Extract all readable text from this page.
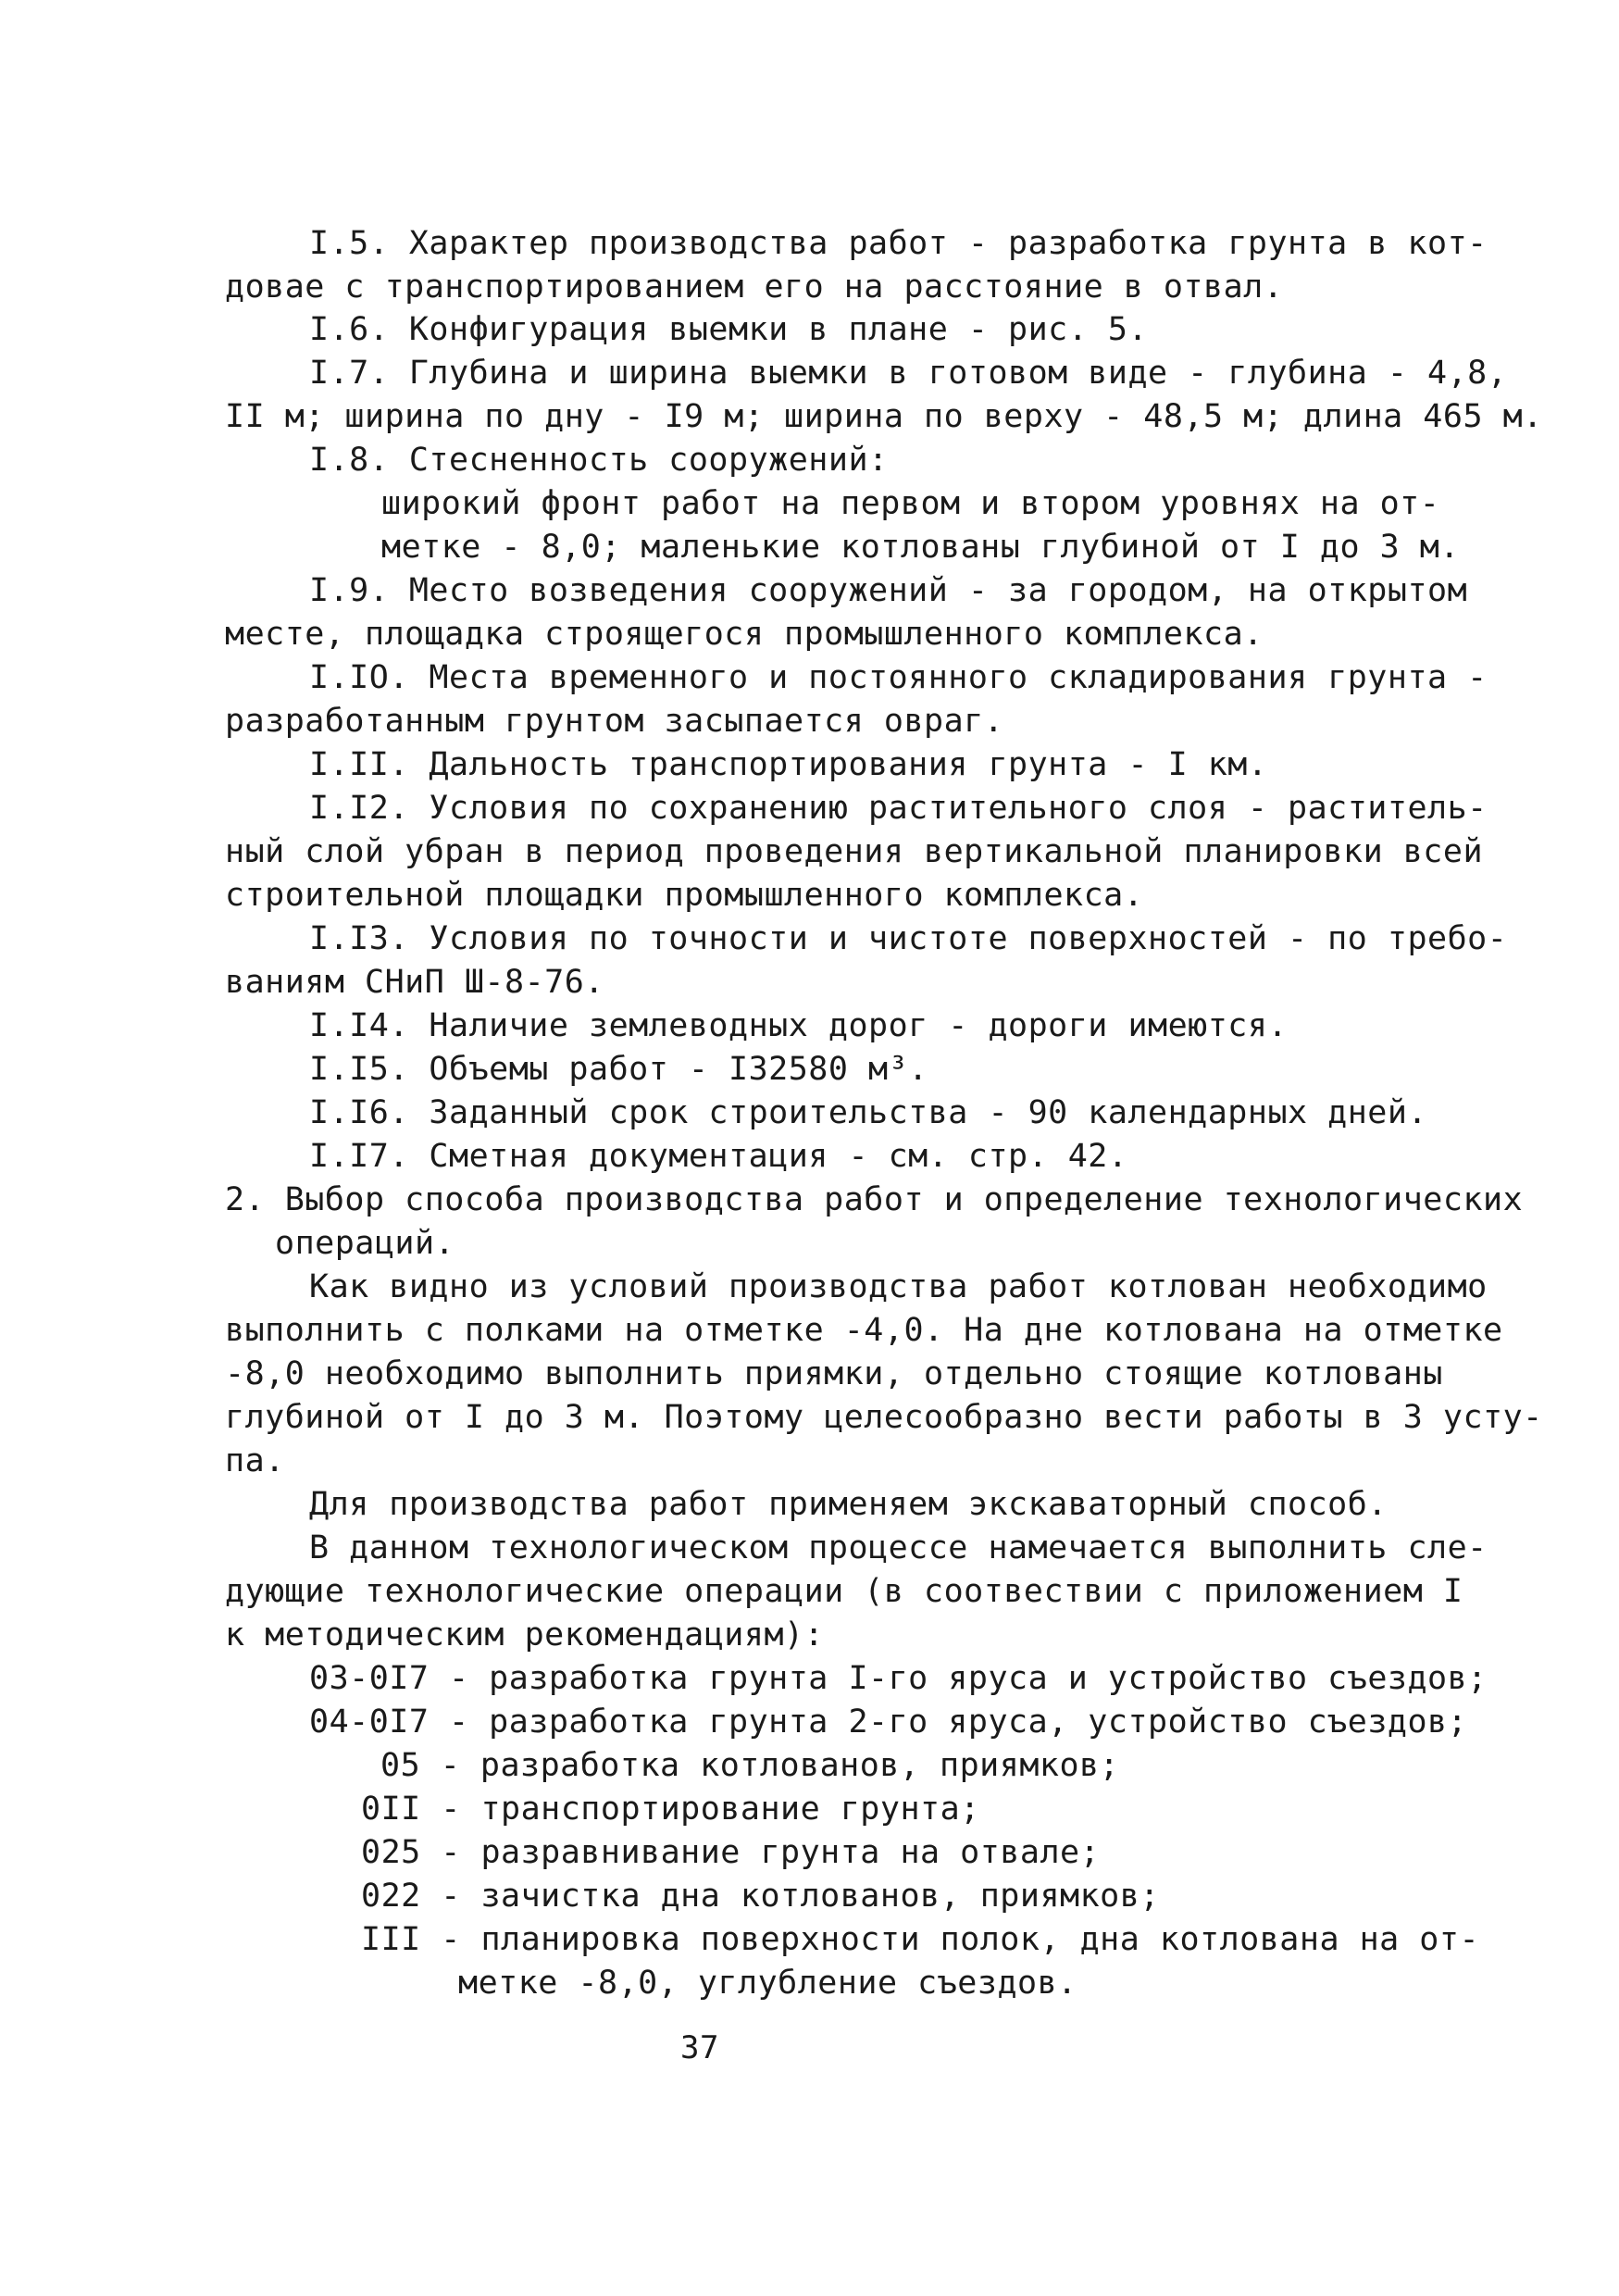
I.5. Характер производства работ - разработка грунта в кот-

довае с транспортированием его на расстояние в отвал.

I.6. Конфигурация выемки в плане - рис. 5.

I.7. Глубина и ширина выемки в готовом виде - глубина - 4,8,

II м; ширина по дну - I9 м; ширина по верху - 48,5 м; длина 465 м.

I.8. Стесненность сооружений:

широкий фронт работ на первом и втором уровнях на от-

метке - 8,0; маленькие котлованы глубиной от I до 3 м.

I.9. Место возведения сооружений - за городом, на открытом

месте, площадка строящегося промышленного комплекса.

I.IO. Места временного и постоянного складирования грунта -

разработанным грунтом засыпается овраг.

I.II. Дальность транспортирования грунта - I км.

I.I2. Условия по сохранению растительного слоя - раститель-

ный слой убран в период проведения вертикальной планировки всей

строительной площадки промышленного комплекса.

I.I3. Условия по точности и чистоте поверхностей - по требо-

ваниям СНиП Ш-8-76.

I.I4. Наличие землеводных дорог - дороги имеются.

I.I5. Объемы работ - I32580 м³.

I.I6. Заданный срок строительства - 90 календарных дней.

I.I7. Сметная документация - см. стр. 42.

2. Выбор способа производства работ и определение технологических

операций.

Как видно из условий производства работ котлован необходимо

выполнить с полками на отметке -4,0. На дне котлована на отметке

-8,0 необходимо выполнить приямки, отдельно стоящие котлованы

глубиной от I до 3 м. Поэтому целесообразно вести работы в 3 усту-

па.

Для производства работ применяем экскаваторный способ.

В данном технологическом процессе намечается выполнить сле-

дующие технологические операции (в соотвествии с приложением I

к методическим рекомендациям):

03-0I7 - разработка грунта I-го яруса и устройство съездов;

04-0I7 - разработка грунта 2-го яруса, устройство съездов;

05 - разработка котлованов, приямков;

0II - транспортирование грунта;

025 - разравнивание грунта на отвале;

022 - зачистка дна котлованов, приямков;

III - планировка поверхности полок, дна котлована на от-

метке -8,0, углубление съездов.

37
